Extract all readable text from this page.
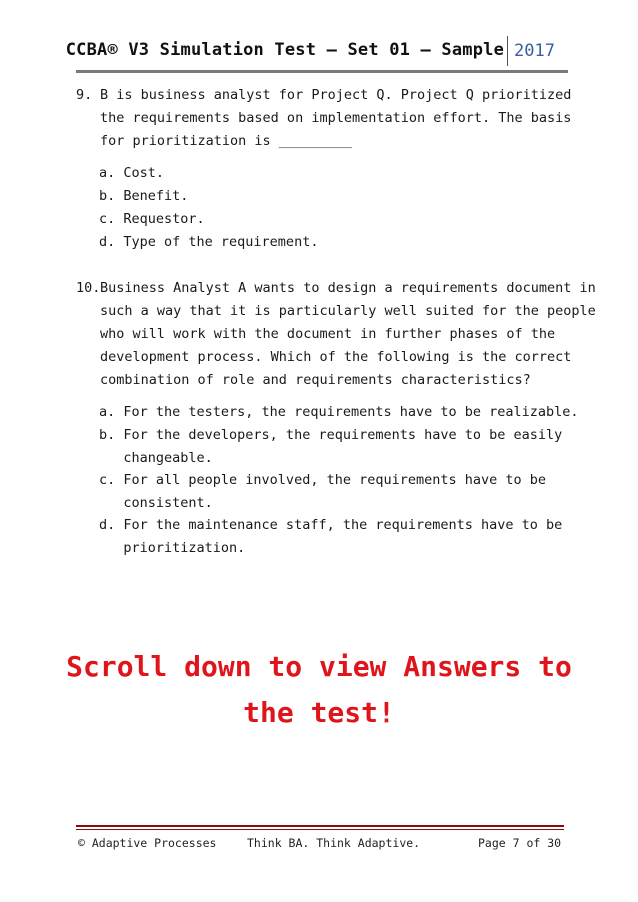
CCBA® V3 Simulation Test – Set 01 – Sample 2017
9. B is business analyst for Project Q. Project Q prioritized
the requirements based on implementation effort. The basis
for prioritization is _________
a. Cost.
b. Benefit.
c. Requestor.
d. Type of the requirement.
10. Business Analyst A wants to design a requirements document in
such a way that it is particularly well suited for the people
who will work with the document in further phases of the
development process. Which of the following is the correct
combination of role and requirements characteristics?
a. For the testers, the requirements have to be realizable.
b. For the developers, the requirements have to be easily
changeable.
c. For all people involved, the requirements have to be
consistent.
d. For the maintenance staff, the requirements have to be
prioritization.
Scroll down to view Answers to
the test!
© Adaptive Processes	Think BA. Think Adaptive.	Page 7 of 30
